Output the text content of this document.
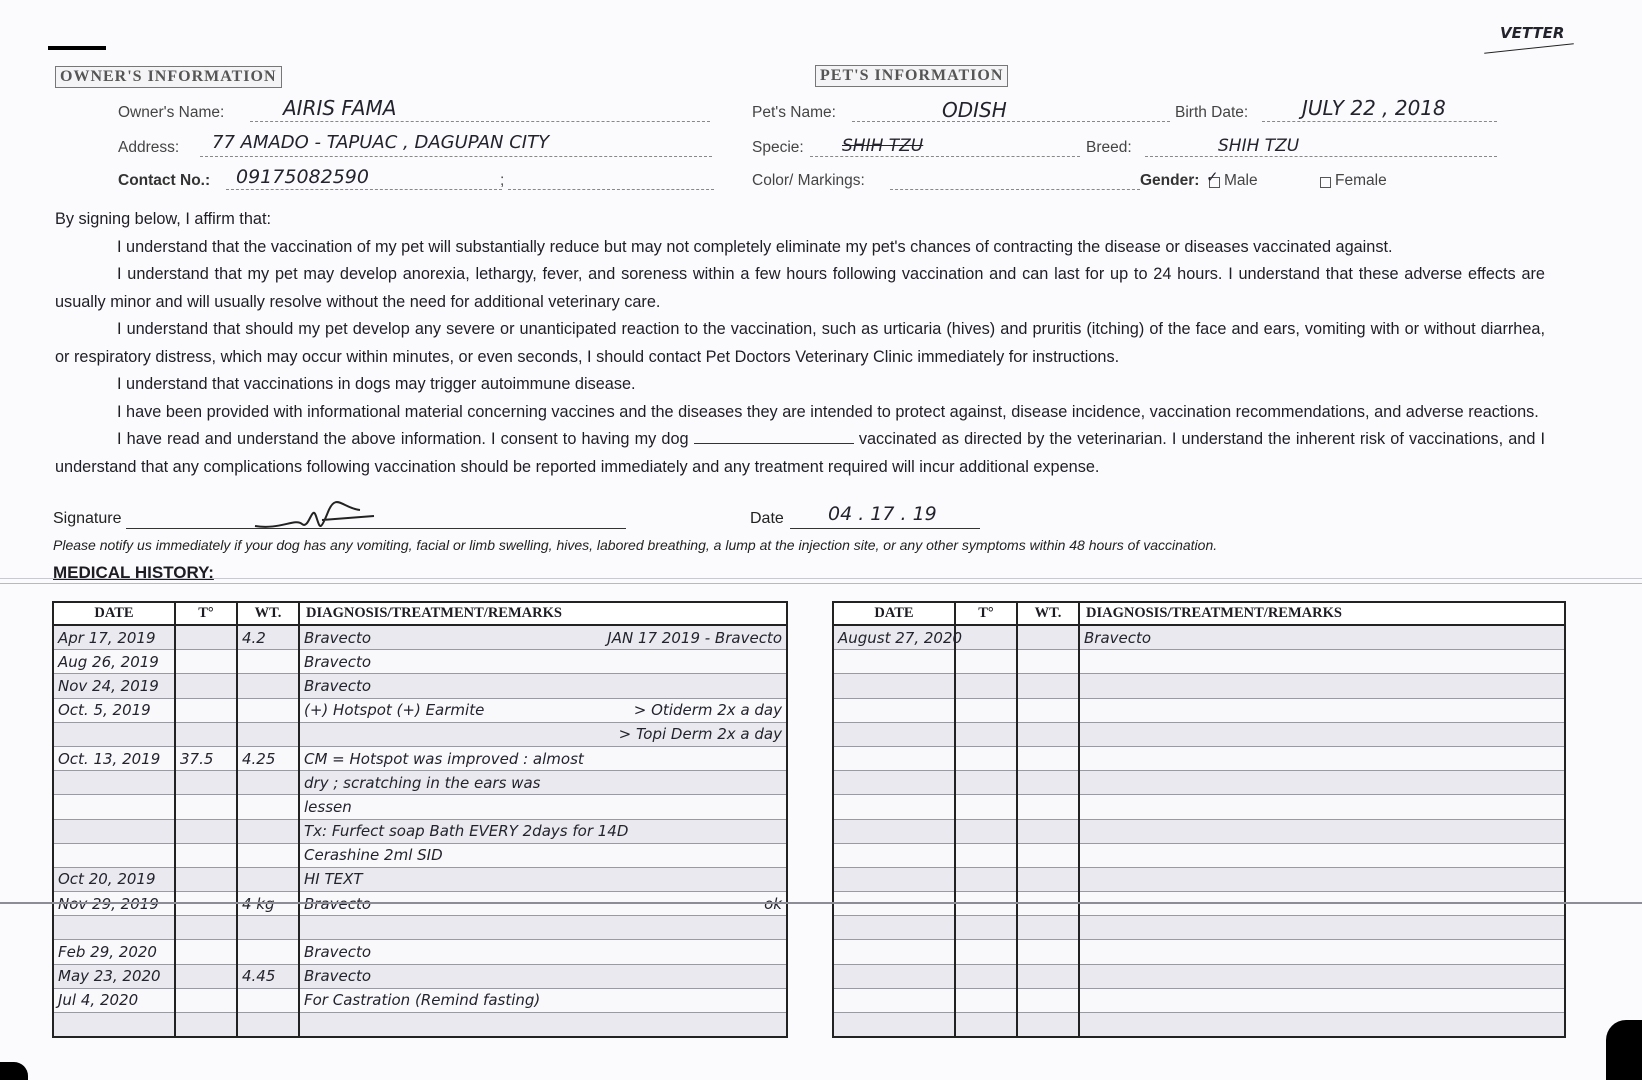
VETTER
OWNER'S INFORMATION	PET'S INFORMATION
Owner's Name:	AIRIS FAMA
Address: 77 AMADO - TAPUAC , DAGUPAN CITY
Contact No.: 09175082590	;
Pet's Name:	ODISH	Birth Date:	JULY 22 , 2018
Specie: SHIH TZU	Breed:	SHIH TZU
Color/ Markings:	Gender: ✓ Male	Female

By signing below, I affirm that:

I understand that the vaccination of my pet will substantially reduce but may not completely eliminate my pet's chances of contracting the disease or diseases vaccinated against.

I understand that my pet may develop anorexia, lethargy, fever, and soreness within a few hours following vaccination and can last for up to 24 hours. I understand that these adverse effects are usually minor and will usually resolve without the need for additional veterinary care.

I understand that should my pet develop any severe or unanticipated reaction to the vaccination, such as urticaria (hives) and pruritis (itching) of the face and ears, vomiting with or without diarrhea, or respiratory distress, which may occur within minutes, or even seconds, I should contact Pet Doctors Veterinary Clinic immediately for instructions.

I understand that vaccinations in dogs may trigger autoimmune disease.

I have been provided with informational material concerning vaccines and the diseases they are intended to protect against, disease incidence, vaccination recommendations, and adverse reactions.

I have read and understand the above information. I consent to having my dog	vaccinated as directed by the veterinarian. I understand the inherent risk of vaccinations, and I understand that any complications following vaccination should be reported immediately and any treatment required will incur additional expense.

Signature	Date 04 . 17 . 19
Please notify us immediately if your dog has any vomiting, facial or limb swelling, hives, labored breathing, a lump at the injection site, or any other symptoms within 48 hours of vaccination.
MEDICAL HISTORY:
DATE	T°	WT.	DIAGNOSIS/TREATMENT/REMARKS
Apr 17, 2019		4.2	Bravecto JAN 17 2019 - Bravecto

Aug 26, 2019			Bravecto
Nov 24, 2019			Bravecto
Oct. 5, 2019			(+) Hotspot (+) Earmite > Otiderm 2x a day

			> Topi Derm 2x a day

Oct. 13, 2019	37.5	4.25	CM = Hotspot was improved : almost
			dry ; scratching in the ears was
			lessen
			Tx: Furfect soap Bath EVERY 2days for 14D
			Cerashine 2ml SID
Oct 20, 2019			HI TEXT
Nov 29, 2019		4 kg	Bravecto ok

Feb 29, 2020			Bravecto
May 23, 2020		4.45	Bravecto
Jul 4, 2020			For Castration (Remind fasting)

DATE	T°	WT.	DIAGNOSIS/TREATMENT/REMARKS
August 27, 2020			Bravecto
